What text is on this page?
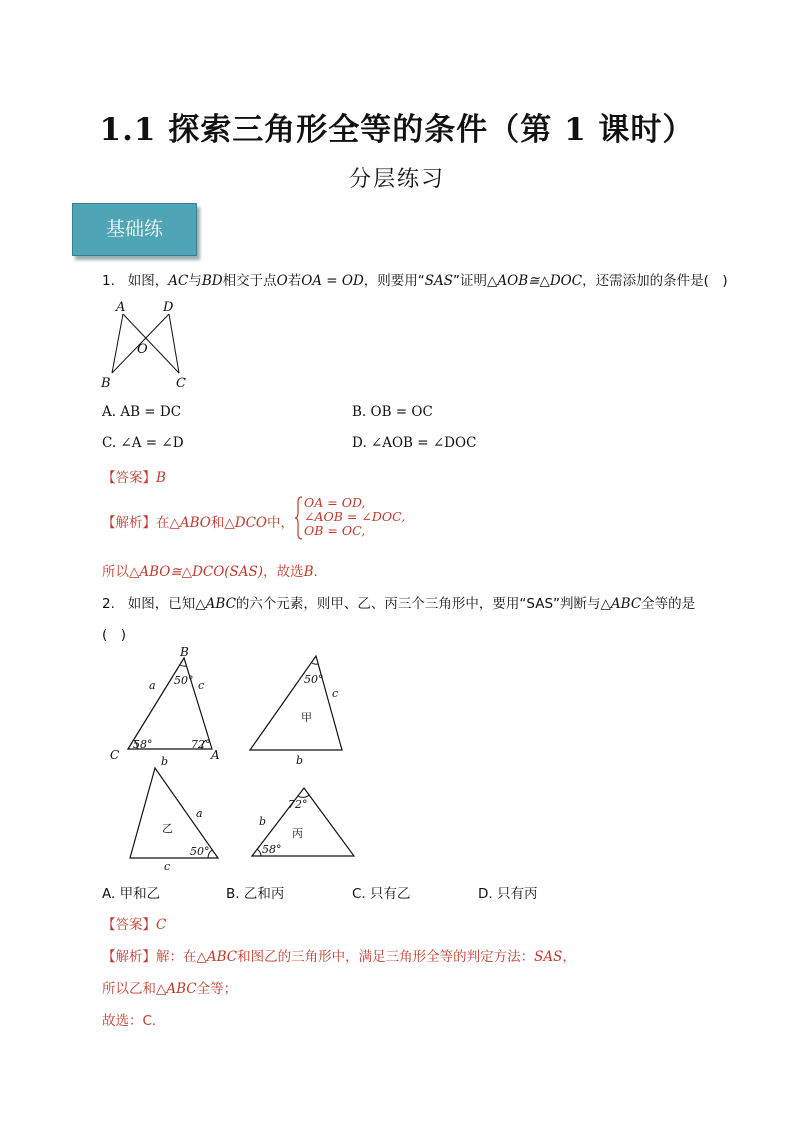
1.1 探索三角形全等的条件（第 1 课时）
分层练习
基础练
1. 如图，AC与BD相交于点O若OA = OD，则要用“SAS”证明△AOB≅△DOC，还需添加的条件是(　)
A	D
O
B	C
A. AB = DC	B. OB = OC
C. ∠A = ∠D	D. ∠AOB = ∠DOC
【答案】B
【解析】在△ABO和△DCO中，
OA = OD,
∠AOB = ∠DOC,
OB = OC,
所以△ABO≅△DCO(SAS)，故选B.
2. 如图，已知△ABC的六个元素，则甲、乙、丙三个三角形中，要用“SAS”判断与△ABC全等的是
(　)
B
C	A
a	c
b
50°
58°	72°
50°
c
b
甲
50°
a
c
乙
72°
58°
b
丙
A. 甲和乙	B. 乙和丙	C. 只有乙	D. 只有丙
【答案】C
【解析】解：在△ABC和图乙的三角形中，满足三角形全等的判定方法：SAS，
所以乙和△ABC全等；
故选：C.
